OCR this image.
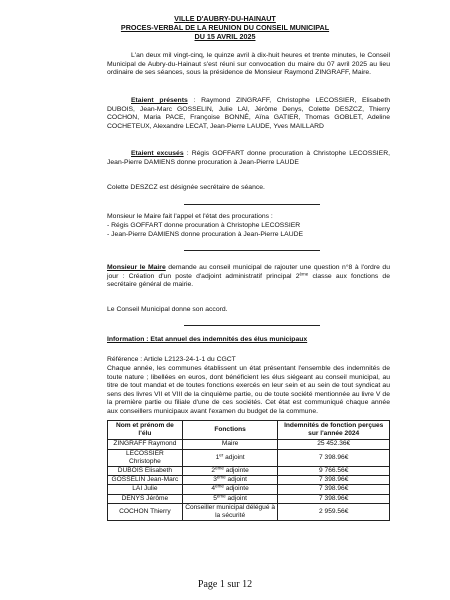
VILLE D'AUBRY-DU-HAINAUT
PROCES-VERBAL DE LA REUNION DU CONSEIL MUNICIPAL
DU 15 AVRIL 2025
L'an deux mil vingt-cinq, le quinze avril à dix-huit heures et trente minutes, le Conseil Municipal de Aubry-du-Hainaut s'est réuni sur convocation du maire du 07 avril 2025 au lieu ordinaire de ses séances, sous la présidence de Monsieur Raymond ZINGRAFF, Maire.
Etaient présents : Raymond ZINGRAFF, Christophe LECOSSIER, Elisabeth DUBOIS, Jean-Marc GOSSELIN, Julie LAI, Jérôme Denys, Colette DESZCZ, Thierry COCHON, Maria PACE, Françoise BONNÉ, Aïna GATIER, Thomas GOBLET, Adeline COCHETEUX, Alexandre LECAT, Jean-Pierre LAUDE, Yves MAILLARD
Etaient excusés : Régis GOFFART donne procuration à Christophe LECOSSIER, Jean-Pierre DAMIENS donne procuration à Jean-Pierre LAUDE
Colette DESZCZ est désignée secrétaire de séance.
Monsieur le Maire fait l'appel et l'état des procurations :
- Régis GOFFART donne procuration à Christophe LECOSSIER
- Jean-Pierre DAMIENS donne procuration à Jean-Pierre LAUDE
Monsieur le Maire demande au conseil municipal de rajouter une question n°8 à l'ordre du jour : Création d'un poste d'adjoint administratif principal 2ème classe aux fonctions de secrétaire général de mairie.
Le Conseil Municipal donne son accord.
Information : Etat annuel des indemnités des élus municipaux
Référence : Article L2123-24-1-1 du CGCT
Chaque année, les communes établissent un état présentant l'ensemble des indemnités de toute nature ; libellées en euros, dont bénéficient les élus siégeant au conseil municipal, au titre de tout mandat et de toutes fonctions exercés en leur sein et au sein de tout syndicat au sens des livres VII et VIII de la cinquième partie, ou de toute société mentionnée au livre V de la première partie ou filiale d'une de ces sociétés. Cet état est communiqué chaque année aux conseillers municipaux avant l'examen du budget de la commune.
Nom et prénom de l'élu	Fonctions	Indemnités de fonction perçues sur l'année 2024
ZINGRAFF Raymond	Maire	25 452.36€
LECOSSIER Christophe	1er adjoint	7 398.96€
DUBOIS Elisabeth	2ème adjointe	9 766.56€
GOSSELIN Jean-Marc	3ème adjoint	7 398.96€
LAI Julie	4ème adjointe	7 398.96€
DENYS Jérôme	5ème adjoint	7 398.96€
COCHON Thierry	Conseiller municipal délégué à la sécurité	2 959.56€
Page 1 sur 12
